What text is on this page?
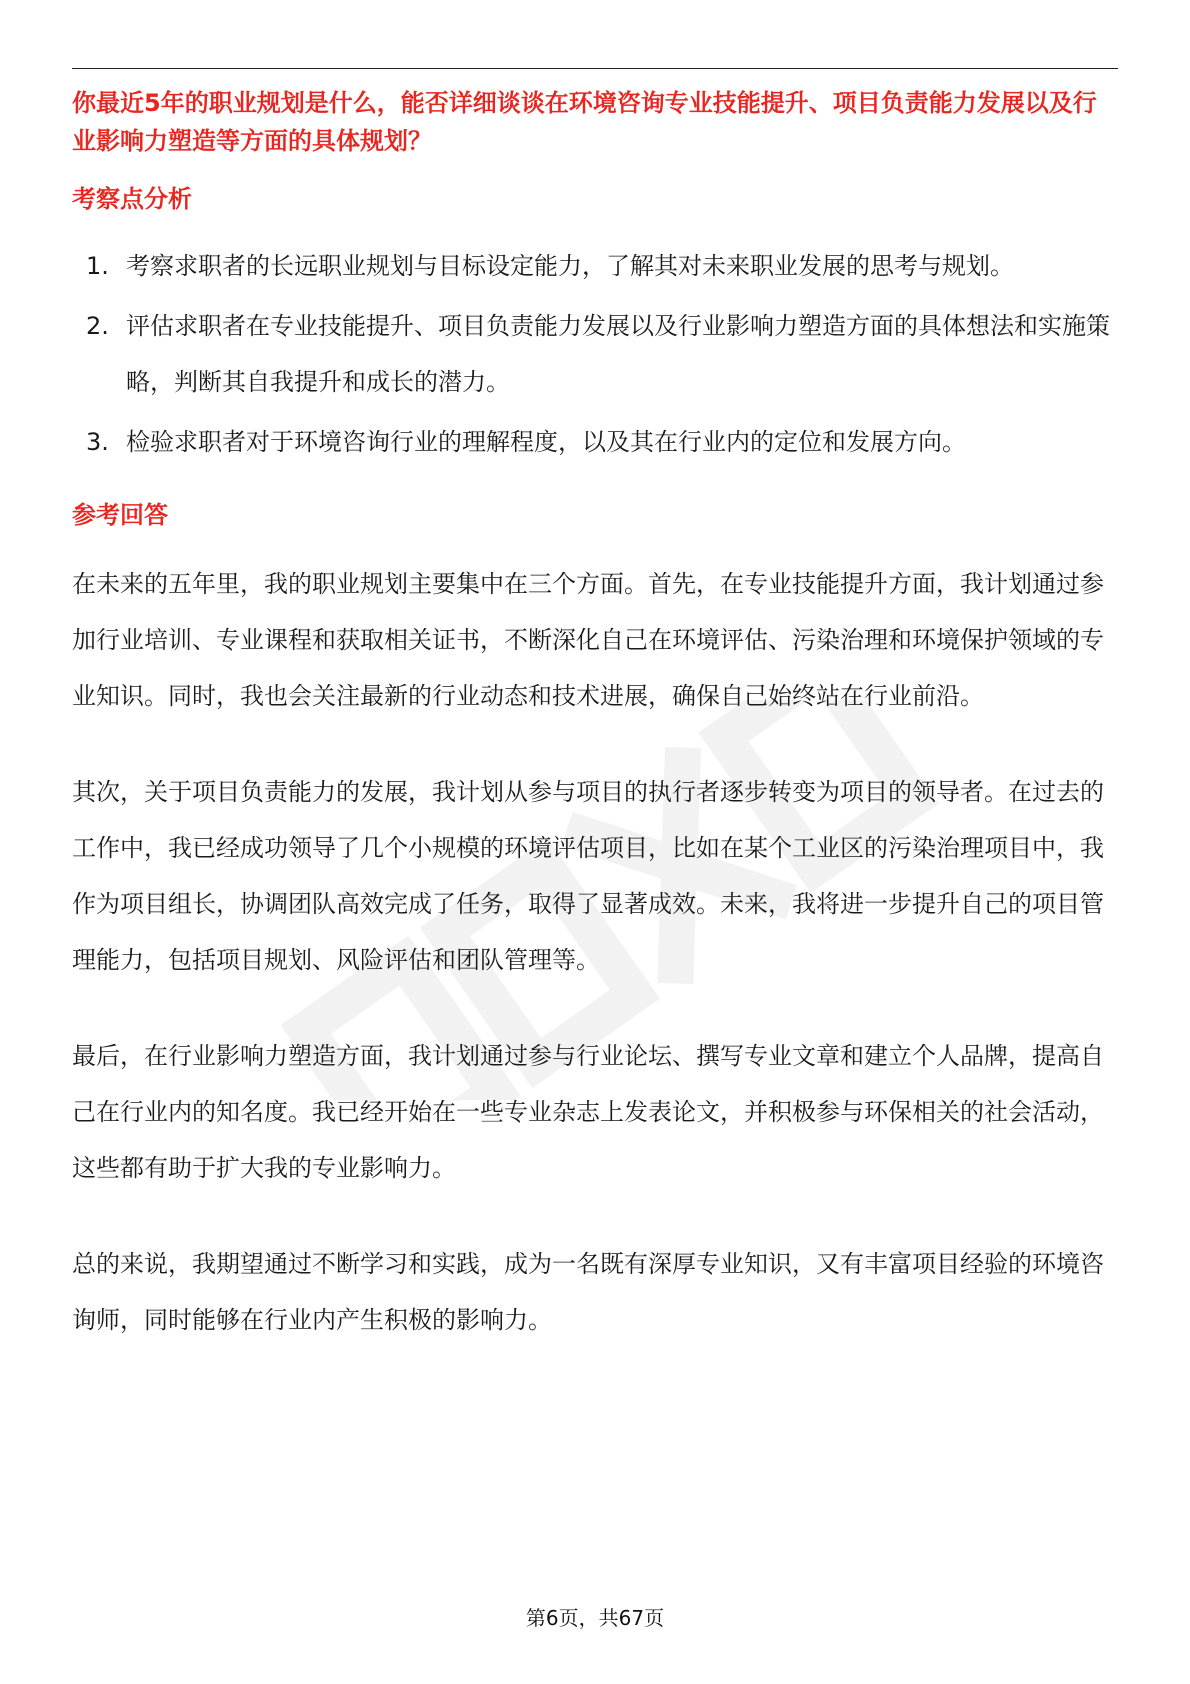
你最近5年的职业规划是什么，能否详细谈谈在环境咨询专业技能提升、项目负责能力发展以及行业影响力塑造等方面的具体规划？

考察点分析
1. 考察求职者的长远职业规划与目标设定能力，了解其对未来职业发展的思考与规划。
2. 评估求职者在专业技能提升、项目负责能力发展以及行业影响力塑造方面的具体想法和实施策略，判断其自我提升和成长的潜力。
3. 检验求职者对于环境咨询行业的理解程度，以及其在行业内的定位和发展方向。
参考回答

在未来的五年里，我的职业规划主要集中在三个方面。首先，在专业技能提升方面，我计划通过参加行业培训、专业课程和获取相关证书，不断深化自己在环境评估、污染治理和环境保护领域的专业知识。同时，我也会关注最新的行业动态和技术进展，确保自己始终站在行业前沿。

其次，关于项目负责能力的发展，我计划从参与项目的执行者逐步转变为项目的领导者。在过去的工作中，我已经成功领导了几个小规模的环境评估项目，比如在某个工业区的污染治理项目中，我作为项目组长，协调团队高效完成了任务，取得了显著成效。未来，我将进一步提升自己的项目管理能力，包括项目规划、风险评估和团队管理等。

最后，在行业影响力塑造方面，我计划通过参与行业论坛、撰写专业文章和建立个人品牌，提高自己在行业内的知名度。我已经开始在一些专业杂志上发表论文，并积极参与环保相关的社会活动，这些都有助于扩大我的专业影响力。

总的来说，我期望通过不断学习和实践，成为一名既有深厚专业知识，又有丰富项目经验的环境咨询师，同时能够在行业内产生积极的影响力。

第6页，共67页
